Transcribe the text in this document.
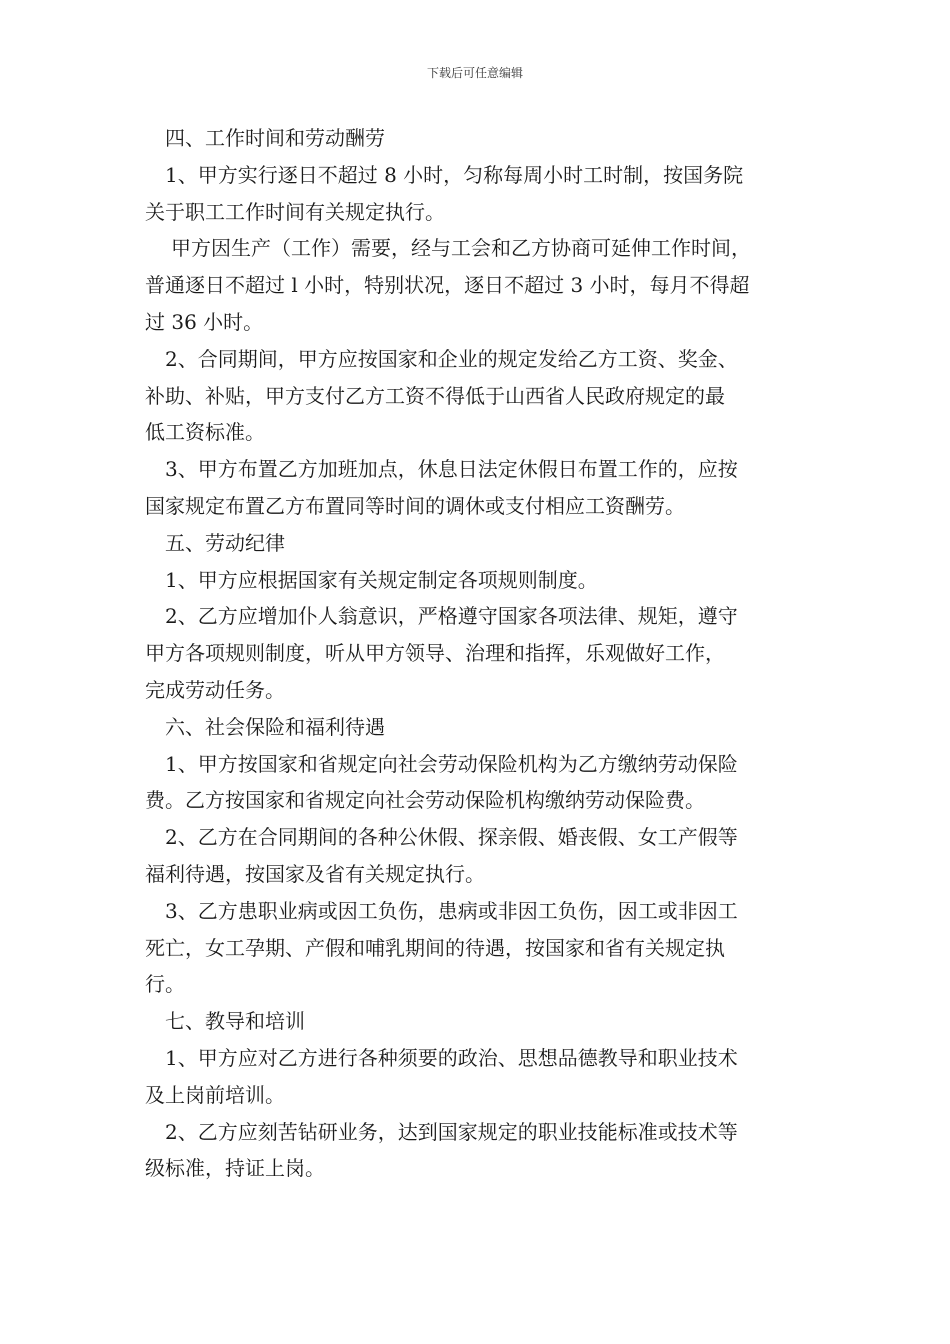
下载后可任意编辑
四、工作时间和劳动酬劳
1、甲方实行逐日不超过 8 小时，匀称每周小时工时制，按国务院
关于职工工作时间有关规定执行。
甲方因生产（工作）需要，经与工会和乙方协商可延伸工作时间，
普通逐日不超过 l 小时，特别状况，逐日不超过 3 小时，每月不得超
过 36 小时。
2、合同期间，甲方应按国家和企业的规定发给乙方工资、奖金、
补助、补贴，甲方支付乙方工资不得低于山西省人民政府规定的最
低工资标准。
3、甲方布置乙方加班加点，休息日法定休假日布置工作的，应按
国家规定布置乙方布置同等时间的调休或支付相应工资酬劳。
五、劳动纪律
1、甲方应根据国家有关规定制定各项规则制度。
2、乙方应增加仆人翁意识，严格遵守国家各项法律、规矩，遵守
甲方各项规则制度，听从甲方领导、治理和指挥，乐观做好工作，
完成劳动任务。
六、社会保险和福利待遇
1、甲方按国家和省规定向社会劳动保险机构为乙方缴纳劳动保险
费。乙方按国家和省规定向社会劳动保险机构缴纳劳动保险费。
2、乙方在合同期间的各种公休假、探亲假、婚丧假、女工产假等
福利待遇，按国家及省有关规定执行。
3、乙方患职业病或因工负伤，患病或非因工负伤，因工或非因工
死亡，女工孕期、产假和哺乳期间的待遇，按国家和省有关规定执
行。
七、教导和培训
1、甲方应对乙方进行各种须要的政治、思想品德教导和职业技术
及上岗前培训。
2、乙方应刻苦钻研业务，达到国家规定的职业技能标准或技术等
级标准，持证上岗。
